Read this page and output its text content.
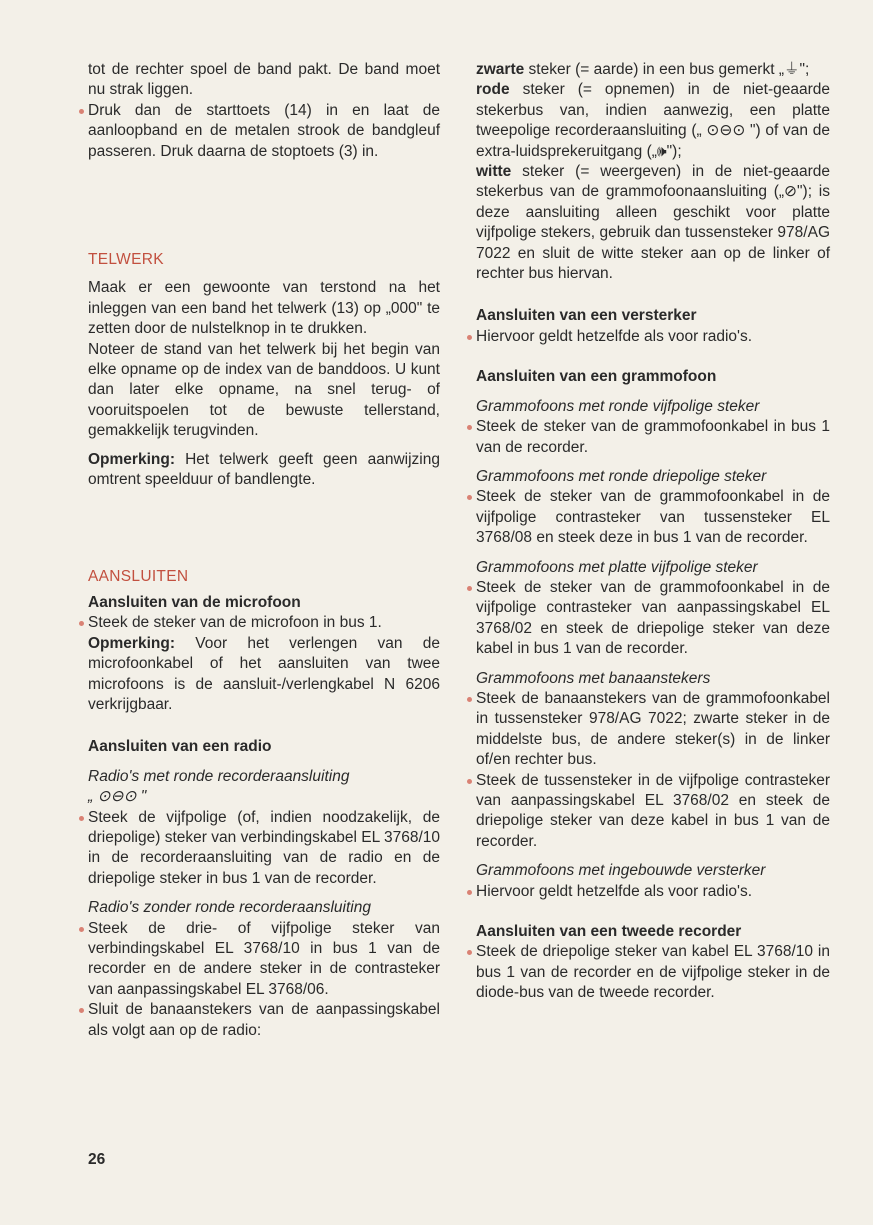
tot de rechter spoel de band pakt. De band moet nu strak liggen.

Druk dan de starttoets (14) in en laat de aanloopband en de metalen strook de bandgleuf passeren. Druk daarna de stoptoets (3) in.

TELWERK

Maak er een gewoonte van terstond na het inleggen van een band het telwerk (13) op „000" te zetten door de nulstelknop in te drukken.

Noteer de stand van het telwerk bij het begin van elke opname op de index van de banddoos. U kunt dan later elke opname, na snel terug- of vooruitspoelen tot de bewuste tellerstand, gemakkelijk terugvinden.

Opmerking: Het telwerk geeft geen aanwijzing omtrent speelduur of bandlengte.

AANSLUITEN

Aansluiten van de microfoon

Steek de steker van de microfoon in bus 1.

Opmerking: Voor het verlengen van de microfoonkabel of het aansluiten van twee microfoons is de aansluit-/verlengkabel N 6206 verkrijgbaar.

Aansluiten van een radio

Radio's met ronde recorderaansluiting

„ ⊙⊖⊙ "

Steek de vijfpolige (of, indien noodzakelijk, de driepolige) steker van verbindingskabel EL 3768/10 in de recorderaansluiting van de radio en de driepolige steker in bus 1 van de recorder.

Radio's zonder ronde recorderaansluiting

Steek de drie- of vijfpolige steker van verbindingskabel EL 3768/10 in bus 1 van de recorder en de andere steker in de contrasteker van aanpassingskabel EL 3768/06.

Sluit de banaanstekers van de aanpassingskabel als volgt aan op de radio:

zwarte steker (= aarde) in een bus gemerkt „⏚";

rode steker (= opnemen) in de niet-geaarde stekerbus van, indien aanwezig, een platte tweepolige recorderaansluiting („ ⊙⊖⊙ ") of van de extra-luidsprekeruitgang („🕪");

witte steker (= weergeven) in de niet-geaarde stekerbus van de grammofoonaansluiting („⊘"); is deze aansluiting alleen geschikt voor platte vijfpolige stekers, gebruik dan tussensteker 978/AG 7022 en sluit de witte steker aan op de linker of rechter bus hiervan.

Aansluiten van een versterker

Hiervoor geldt hetzelfde als voor radio's.

Aansluiten van een grammofoon

Grammofoons met ronde vijfpolige steker

Steek de steker van de grammofoonkabel in bus 1 van de recorder.

Grammofoons met ronde driepolige steker

Steek de steker van de grammofoonkabel in de vijfpolige contrasteker van tussensteker EL 3768/08 en steek deze in bus 1 van de recorder.

Grammofoons met platte vijfpolige steker

Steek de steker van de grammofoonkabel in de vijfpolige contrasteker van aanpassingskabel EL 3768/02 en steek de driepolige steker van deze kabel in bus 1 van de recorder.

Grammofoons met banaanstekers

Steek de banaanstekers van de grammofoonkabel in tussensteker 978/AG 7022; zwarte steker in de middelste bus, de andere steker(s) in de linker of/en rechter bus.

Steek de tussensteker in de vijfpolige contrasteker van aanpassingskabel EL 3768/02 en steek de driepolige steker van deze kabel in bus 1 van de recorder.

Grammofoons met ingebouwde versterker

Hiervoor geldt hetzelfde als voor radio's.

Aansluiten van een tweede recorder

Steek de driepolige steker van kabel EL 3768/10 in bus 1 van de recorder en de vijfpolige steker in de diode-bus van de tweede recorder.

26
